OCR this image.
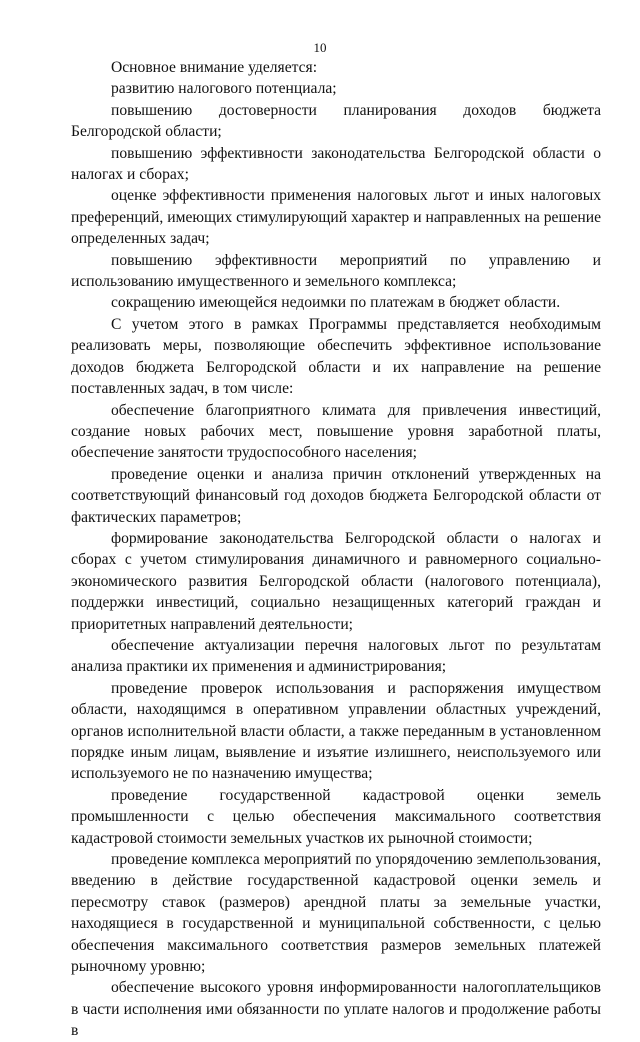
10

Основное внимание уделяется:

развитию налогового потенциала;

повышению достоверности планирования доходов бюджета Белгородской области;

повышению эффективности законодательства Белгородской области о налогах и сборах;

оценке эффективности применения налоговых льгот и иных налоговых преференций, имеющих стимулирующий характер и направленных на решение определенных задач;

повышению эффективности мероприятий по управлению и использованию имущественного и земельного комплекса;

сокращению имеющейся недоимки по платежам в бюджет области.

С учетом этого в рамках Программы представляется необходимым реализовать меры, позволяющие обеспечить эффективное использование доходов бюджета Белгородской области и их направление на решение поставленных задач, в том числе:

обеспечение благоприятного климата для привлечения инвестиций, создание новых рабочих мест, повышение уровня заработной платы, обеспечение занятости трудоспособного населения;

проведение оценки и анализа причин отклонений утвержденных на соответствующий финансовый год доходов бюджета Белгородской области от фактических параметров;

формирование законодательства Белгородской области о налогах и сборах с учетом стимулирования динамичного и равномерного социально-экономического развития Белгородской области (налогового потенциала), поддержки инвестиций, социально незащищенных категорий граждан и приоритетных направлений деятельности;

обеспечение актуализации перечня налоговых льгот по результатам анализа практики их применения и администрирования;

проведение проверок использования и распоряжения имуществом области, находящимся в оперативном управлении областных учреждений, органов исполнительной власти области, а также переданным в установленном порядке иным лицам, выявление и изъятие излишнего, неиспользуемого или используемого не по назначению имущества;

проведение государственной кадастровой оценки земель промышленности с целью обеспечения максимального соответствия кадастровой стоимости земельных участков их рыночной стоимости;

проведение комплекса мероприятий по упорядочению землепользования, введению в действие государственной кадастровой оценки земель и пересмотру ставок (размеров) арендной платы за земельные участки, находящиеся в государственной и муниципальной собственности, с целью обеспечения максимального соответствия размеров земельных платежей рыночному уровню;

обеспечение высокого уровня информированности налогоплательщиков в части исполнения ими обязанности по уплате налогов и продолжение работы в
